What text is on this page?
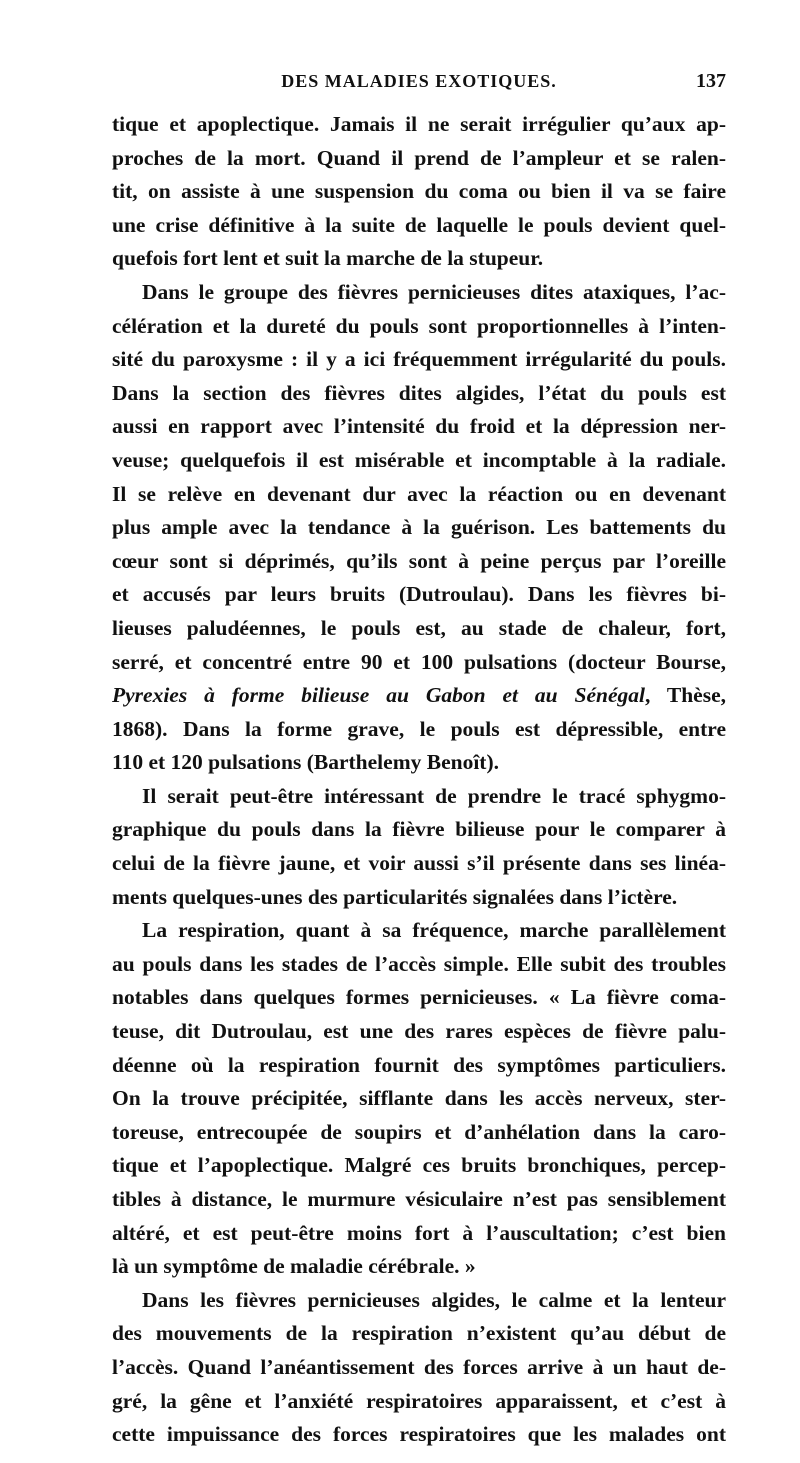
DES MALADIES EXOTIQUES.	137
tique et apoplectique. Jamais il ne serait irrégulier qu’aux ap-
proches de la mort. Quand il prend de l’ampleur et se ralen-
tit, on assiste à une suspension du coma ou bien il va se faire
une crise définitive à la suite de laquelle le pouls devient quel-
quefois fort lent et suit la marche de la stupeur.
Dans le groupe des fièvres pernicieuses dites ataxiques, l’ac-
célération et la dureté du pouls sont proportionnelles à l’inten-
sité du paroxysme : il y a ici fréquemment irrégularité du pouls.
Dans la section des fièvres dites algides, l’état du pouls est
aussi en rapport avec l’intensité du froid et la dépression ner-
veuse; quelquefois il est misérable et incomptable à la radiale.
Il se relève en devenant dur avec la réaction ou en devenant
plus ample avec la tendance à la guérison. Les battements du
cœur sont si déprimés, qu’ils sont à peine perçus par l’oreille
et accusés par leurs bruits (Dutroulau). Dans les fièvres bi-
lieuses paludéennes, le pouls est, au stade de chaleur, fort,
serré, et concentré entre 90 et 100 pulsations (docteur Bourse,
Pyrexies à forme bilieuse au Gabon et au Sénégal, Thèse,
1868). Dans la forme grave, le pouls est dépressible, entre
110 et 120 pulsations (Barthelemy Benoît).
Il serait peut-être intéressant de prendre le tracé sphygmo-
graphique du pouls dans la fièvre bilieuse pour le comparer à
celui de la fièvre jaune, et voir aussi s’il présente dans ses linéa-
ments quelques-unes des particularités signalées dans l’ictère.
La respiration, quant à sa fréquence, marche parallèlement
au pouls dans les stades de l’accès simple. Elle subit des troubles
notables dans quelques formes pernicieuses. « La fièvre coma-
teuse, dit Dutroulau, est une des rares espèces de fièvre palu-
déenne où la respiration fournit des symptômes particuliers.
On la trouve précipitée, sifflante dans les accès nerveux, ster-
toreuse, entrecoupée de soupirs et d’anhélation dans la caro-
tique et l’apoplectique. Malgré ces bruits bronchiques, percep-
tibles à distance, le murmure vésiculaire n’est pas sensiblement
altéré, et est peut-être moins fort à l’auscultation; c’est bien
là un symptôme de maladie cérébrale. »
Dans les fièvres pernicieuses algides, le calme et la lenteur
des mouvements de la respiration n’existent qu’au début de
l’accès. Quand l’anéantissement des forces arrive à un haut de-
gré, la gêne et l’anxiété respiratoires apparaissent, et c’est à
cette impuissance des forces respiratoires que les malades ont
